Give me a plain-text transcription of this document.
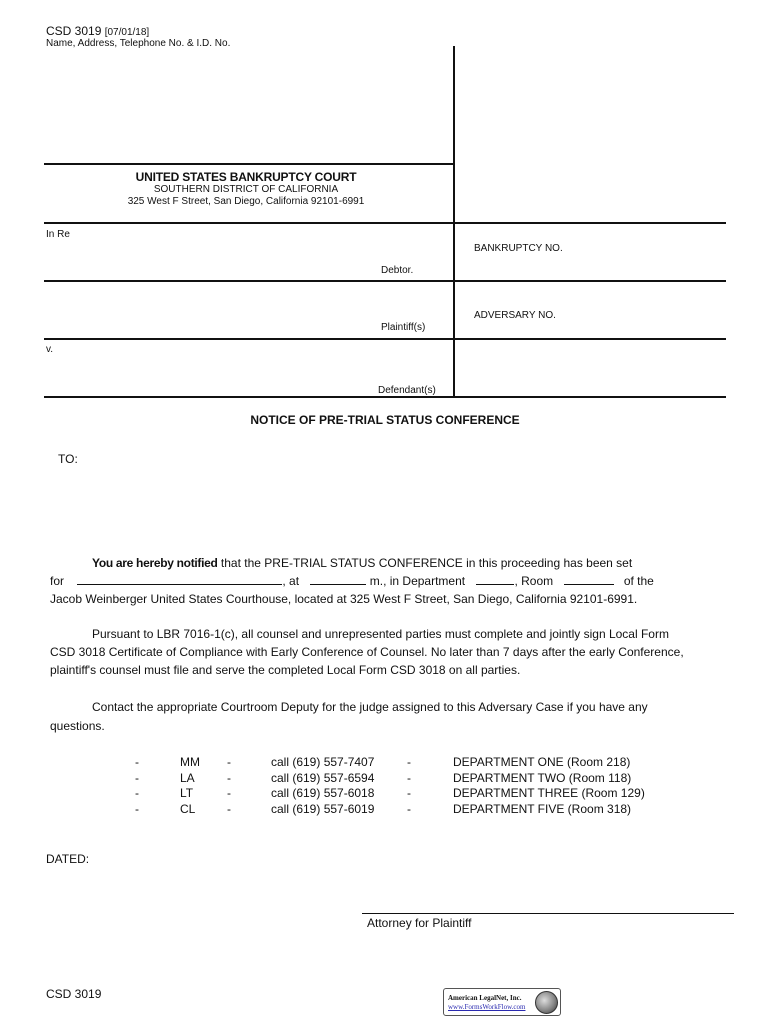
CSD 3019 [07/01/18]
Name, Address, Telephone No. & I.D. No.
UNITED STATES BANKRUPTCY COURT
SOUTHERN DISTRICT OF CALIFORNIA
325 West F Street, San Diego, California 92101-6991
In Re
Debtor.
BANKRUPTCY NO.
Plaintiff(s)
ADVERSARY NO.
v.
Defendant(s)
NOTICE OF PRE-TRIAL STATUS CONFERENCE
TO:
You are hereby notified that the PRE-TRIAL STATUS CONFERENCE in this proceeding has been set
for	, at	m., in Department	, Room	of the
Jacob Weinberger United States Courthouse, located at 325 West F Street, San Diego, California 92101-6991.
Pursuant to LBR 7016-1(c), all counsel and unrepresented parties must complete and jointly sign Local Form
CSD 3018 Certificate of Compliance with Early Conference of Counsel. No later than 7 days after the early Conference,
plaintiff's counsel must file and serve the completed Local Form CSD 3018 on all parties.
Contact the appropriate Courtroom Deputy for the judge assigned to this Adversary Case if you have any
questions.
-	MM -	call (619) 557-7407	-	DEPARTMENT ONE (Room 218)
-	LA	-	call (619) 557-6594	-	DEPARTMENT TWO (Room 118)
-	LT	-	call (619) 557-6018	-	DEPARTMENT THREE (Room 129)
-	CL	-	call (619) 557-6019	-	DEPARTMENT FIVE (Room 318)
DATED:
Attorney for Plaintiff
CSD 3019	American LegalNet, Inc.
www.FormsWorkFlow.com
